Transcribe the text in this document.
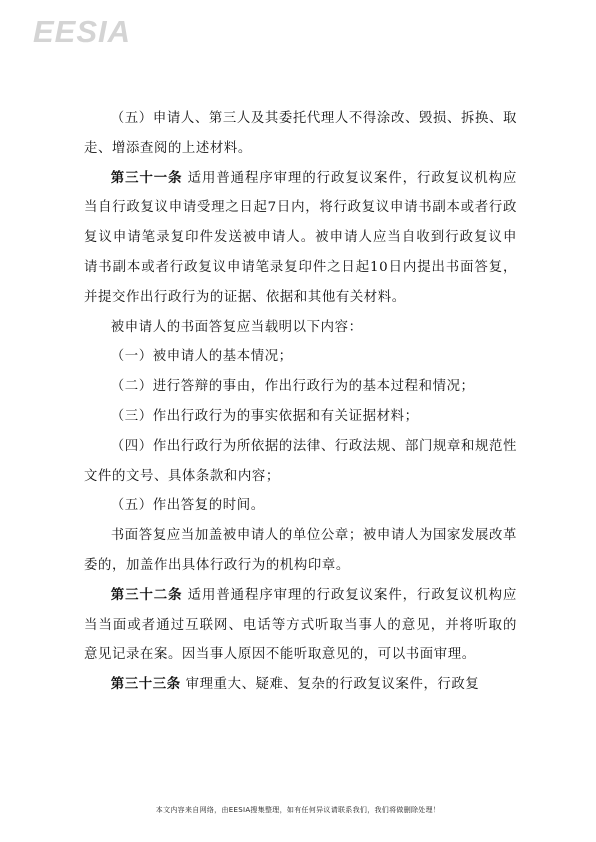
EESIA

（五）申请人、第三人及其委托代理人不得涂改、毁损、拆换、取走、增添查阅的上述材料。

第三十一条 适用普通程序审理的行政复议案件，行政复议机构应当自行政复议申请受理之日起7日内，将行政复议申请书副本或者行政复议申请笔录复印件发送被申请人。被申请人应当自收到行政复议申请书副本或者行政复议申请笔录复印件之日起10日内提出书面答复，并提交作出行政行为的证据、依据和其他有关材料。

被申请人的书面答复应当载明以下内容：

（一）被申请人的基本情况；

（二）进行答辩的事由，作出行政行为的基本过程和情况；

（三）作出行政行为的事实依据和有关证据材料；

（四）作出行政行为所依据的法律、行政法规、部门规章和规范性文件的文号、具体条款和内容；

（五）作出答复的时间。

书面答复应当加盖被申请人的单位公章；被申请人为国家发展改革委的，加盖作出具体行政行为的机构印章。

第三十二条 适用普通程序审理的行政复议案件，行政复议机构应当当面或者通过互联网、电话等方式听取当事人的意见，并将听取的意见记录在案。因当事人原因不能听取意见的，可以书面审理。

第三十三条 审理重大、疑难、复杂的行政复议案件，行政复

本文内容来自网络，由EESIA搜集整理，如有任何异议请联系我们，我们将做删除处理！
